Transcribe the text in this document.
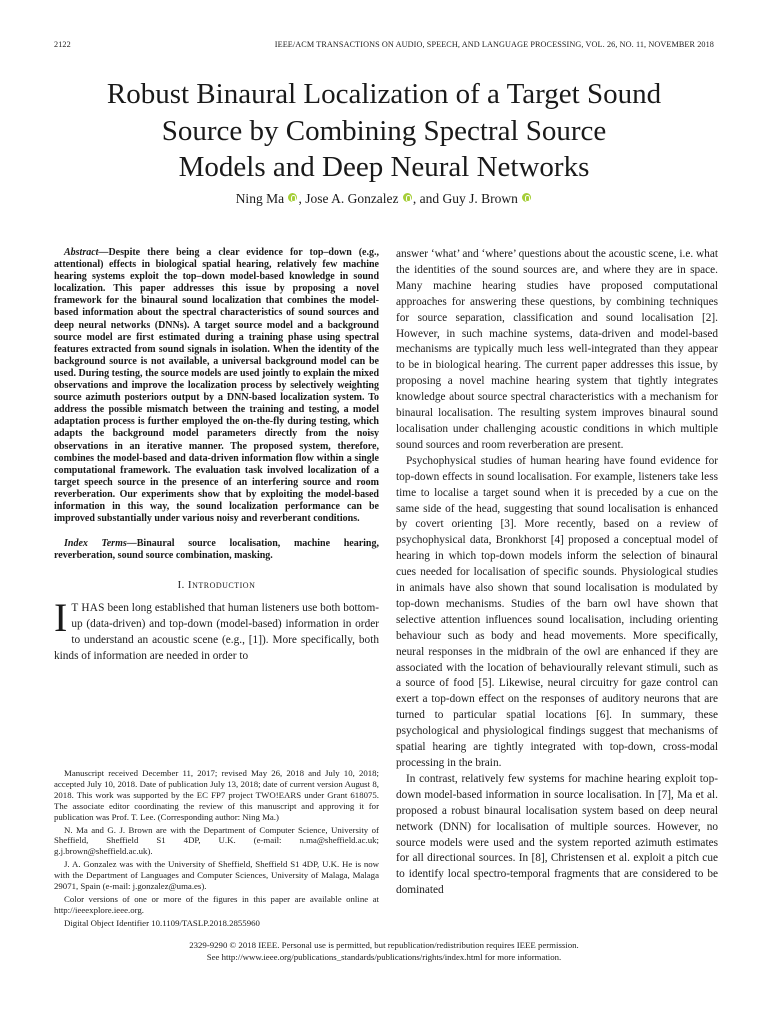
2122	IEEE/ACM TRANSACTIONS ON AUDIO, SPEECH, AND LANGUAGE PROCESSING, VOL. 26, NO. 11, NOVEMBER 2018
Robust Binaural Localization of a Target Sound
Source by Combining Spectral Source
Models and Deep Neural Networks
Ning Ma , Jose A. Gonzalez , and Guy J. Brown

Abstract—Despite there being a clear evidence for top–down (e.g., attentional) effects in biological spatial hearing, relatively few machine hearing systems exploit the top–down model-based knowledge in sound localization. This paper addresses this issue by proposing a novel framework for the binaural sound localization that combines the model-based information about the spectral characteristics of sound sources and deep neural networks (DNNs). A target source model and a background source model are first estimated during a training phase using spectral features extracted from sound signals in isolation. When the identity of the background source is not available, a universal background model can be used. During testing, the source models are used jointly to explain the mixed observations and improve the localization process by selectively weighting source azimuth posteriors output by a DNN-based localization system. To address the possible mismatch between the training and testing, a model adaptation process is further employed the on-the-fly during testing, which adapts the background model parameters directly from the noisy observations in an iterative manner. The proposed system, therefore, combines the model-based and data-driven information flow within a single computational framework. The evaluation task involved localization of a target speech source in the presence of an interfering source and room reverberation. Our experiments show that by exploiting the model-based information in this way, the sound localization performance can be improved substantially under various noisy and reverberant conditions.

Index Terms—Binaural source localisation, machine hearing, reverberation, sound source combination, masking.

I. Introduction

I T HAS been long established that human listeners use both bottom-up (data-driven) and top-down (model-based) information in order to understand an acoustic scene (e.g., [1]). More specifically, both kinds of information are needed in order to

Manuscript received December 11, 2017; revised May 26, 2018 and July 10, 2018; accepted July 10, 2018. Date of publication July 13, 2018; date of current version August 8, 2018. This work was supported by the EC FP7 project TWO!EARS under Grant 618075. The associate editor coordinating the review of this manuscript and approving it for publication was Prof. T. Lee. (Corresponding author: Ning Ma.)

N. Ma and G. J. Brown are with the Department of Computer Science, University of Sheffield, Sheffield S1 4DP, U.K. (e-mail: n.ma@sheffield.ac.uk; g.j.brown@sheffield.ac.uk).

J. A. Gonzalez was with the University of Sheffield, Sheffield S1 4DP, U.K. He is now with the Department of Languages and Computer Sciences, University of Malaga, Malaga 29071, Spain (e-mail: j.gonzalez@uma.es).

Color versions of one or more of the figures in this paper are available online at http://ieeexplore.ieee.org.

Digital Object Identifier 10.1109/TASLP.2018.2855960

answer ‘what’ and ‘where’ questions about the acoustic scene, i.e. what the identities of the sound sources are, and where they are in space. Many machine hearing studies have proposed computational approaches for answering these questions, by combining techniques for source separation, classification and sound localisation [2]. However, in such machine systems, data-driven and model-based mechanisms are typically much less well-integrated than they appear to be in biological hearing. The current paper addresses this issue, by proposing a novel machine hearing system that tightly integrates knowledge about source spectral characteristics with a mechanism for binaural localisation. The resulting system improves binaural sound localisation under challenging acoustic conditions in which multiple sound sources and room reverberation are present.

Psychophysical studies of human hearing have found evidence for top-down effects in sound localisation. For example, listeners take less time to localise a target sound when it is preceded by a cue on the same side of the head, suggesting that sound localisation is enhanced by covert orienting [3]. More recently, based on a review of psychophysical data, Bronkhorst [4] proposed a conceptual model of hearing in which top-down models inform the selection of binaural cues needed for localisation of specific sounds. Physiological studies in animals have also shown that sound localisation is modulated by top-down mechanisms. Studies of the barn owl have shown that selective attention influences sound localisation, including orienting behaviour such as body and head movements. More specifically, neural responses in the midbrain of the owl are enhanced if they are associated with the location of behaviourally relevant stimuli, such as a source of food [5]. Likewise, neural circuitry for gaze control can exert a top-down effect on the responses of auditory neurons that are turned to particular spatial locations [6]. In summary, these psychological and physiological findings suggest that mechanisms of spatial hearing are tightly integrated with top-down, cross-modal processing in the brain.

In contrast, relatively few systems for machine hearing exploit top-down model-based information in source localisation. In [7], Ma et al. proposed a robust binaural localisation system based on deep neural network (DNN) for localisation of multiple sources. However, no source models were used and the system reported azimuth estimates for all directional sources. In [8], Christensen et al. exploit a pitch cue to identify local spectro-temporal fragments that are considered to be dominated

2329-9290 © 2018 IEEE. Personal use is permitted, but republication/redistribution requires IEEE permission.
See http://www.ieee.org/publications_standards/publications/rights/index.html for more information.
